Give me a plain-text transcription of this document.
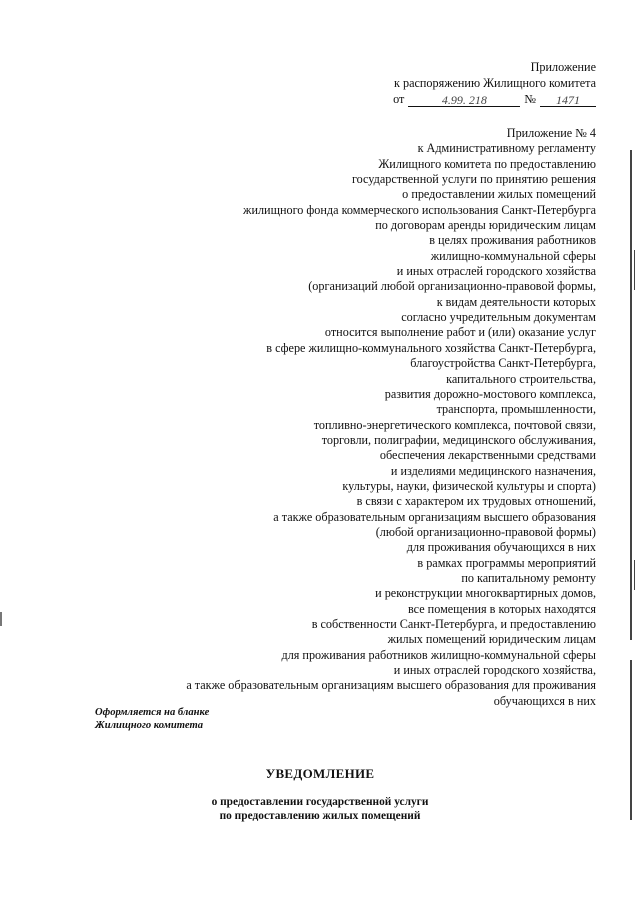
Приложение
к распоряжению Жилищного комитета
от	4.99. 218	№	1471
Приложение № 4
к Административному регламенту
Жилищного комитета по предоставлению
государственной услуги по принятию решения
о предоставлении жилых помещений
жилищного фонда коммерческого использования Санкт-Петербурга
по договорам аренды юридическим лицам
в целях проживания работников
жилищно-коммунальной сферы
и иных отраслей городского хозяйства
(организаций любой организационно-правовой формы,
к видам деятельности которых
согласно учредительным документам
относится выполнение работ и (или) оказание услуг
в сфере жилищно-коммунального хозяйства Санкт-Петербурга,
благоустройства Санкт-Петербурга,
капитального строительства,
развития дорожно-мостового комплекса,
транспорта, промышленности,
топливно-энергетического комплекса, почтовой связи,
торговли, полиграфии, медицинского обслуживания,
обеспечения лекарственными средствами
и изделиями медицинского назначения,
культуры, науки, физической культуры и спорта)
в связи с характером их трудовых отношений,
а также образовательным организациям высшего образования
(любой организационно-правовой формы)
для проживания обучающихся в них
в рамках программы мероприятий
по капитальному ремонту
и реконструкции многоквартирных домов,
все помещения в которых находятся
в собственности Санкт-Петербурга, и предоставлению
жилых помещений юридическим лицам
для проживания работников жилищно-коммунальной сферы
и иных отраслей городского хозяйства,
а также образовательным организациям высшего образования для проживания
обучающихся в них
Оформляется на бланке
Жилищного комитета
УВЕДОМЛЕНИЕ
о предоставлении государственной услуги
по предоставлению жилых помещений
